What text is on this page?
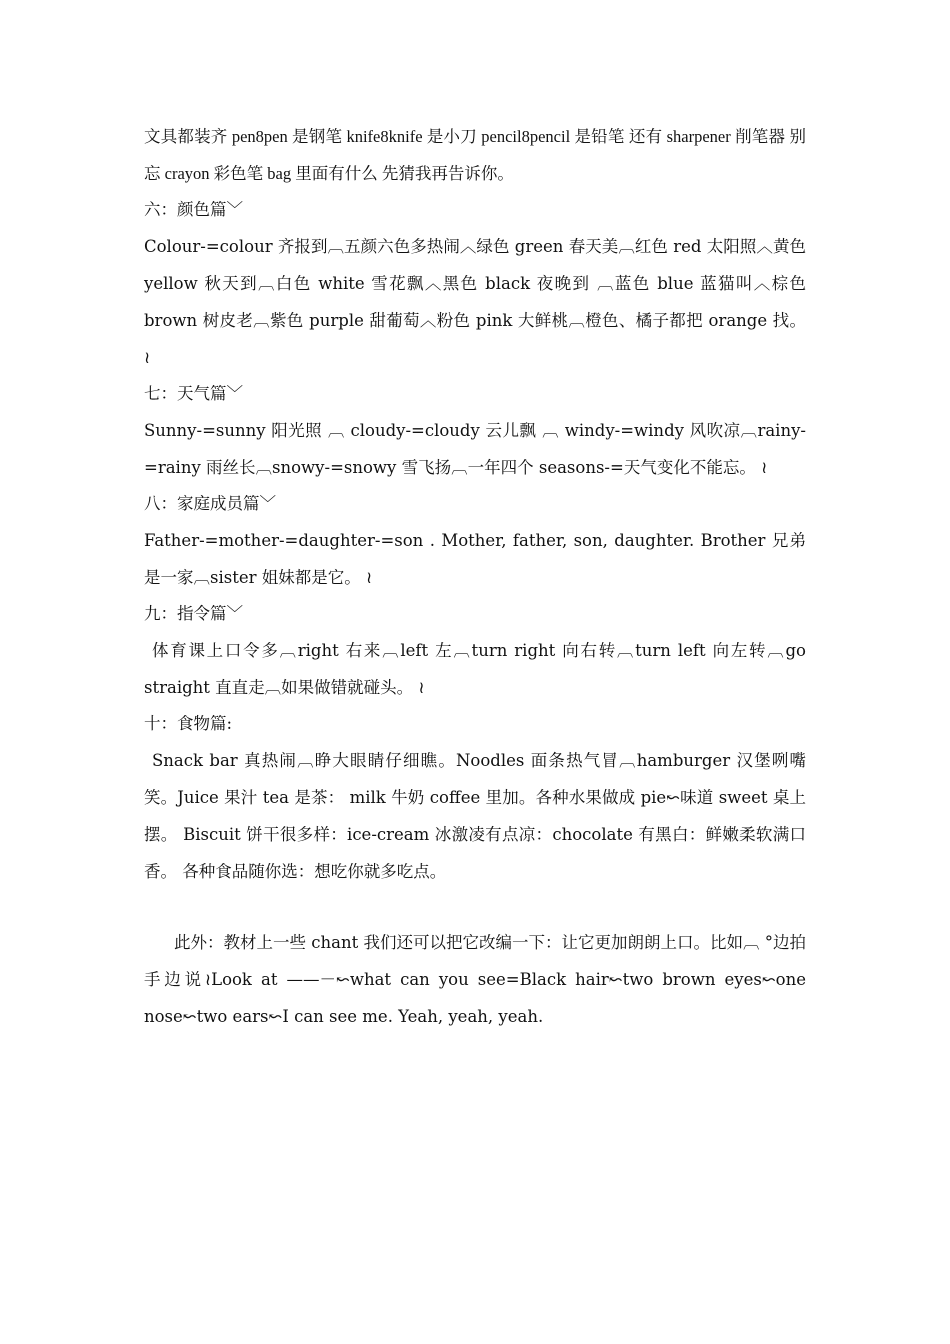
文具都装齐 pen8pen 是钢笔 knife8knife 是小刀 pencil8pencil 是铅笔 还有 sharpener 削笔器 别忘 crayon 彩色笔 bag 里面有什么 先猜我再告诉你。

六：颜色篇﹀

Colour-=colour 齐报到︹五颜六色多热闹︿绿色 green 春天美︹红色 red 太阳照︿黄色 yellow 秋天到︹白色 white 雪花飘︿黑色 black 夜晚到 ︹蓝色 blue 蓝猫叫︿棕色 brown 树皮老︹紫色 purple 甜葡萄︿粉色 pink 大鲜桃︹橙色、橘子都把 orange 找。 ≀

七：天气篇﹀

Sunny-=sunny 阳光照 ︹ cloudy-=cloudy 云儿飘 ︹ windy-=windy 风吹凉︹rainy-=rainy 雨丝长︹snowy-=snowy 雪飞扬︹一年四个 seasons-=天气变化不能忘。 ≀

八：家庭成员篇﹀

Father-=mother-=daughter-=son . Mother, father, son, daughter. Brother 兄弟是一家︹sister 姐妹都是它。 ≀

九：指令篇﹀

体育课上口令多︹right 右来︹left 左︹turn right 向右转︹turn left 向左转︹go straight 直直走︹如果做错就碰头。 ≀

十：食物篇:

Snack bar 真热闹︹睁大眼睛仔细瞧。Noodles 面条热气冒︹hamburger 汉堡咧嘴笑。Juice 果汁 tea 是茶： milk 牛奶 coffee 里加。各种水果做成 pie↜味道 sweet 桌上摆。 Biscuit 饼干很多样：ice-cream 冰激凌有点凉：chocolate 有黑白：鲜嫩柔软满口香。 各种食品随你选：想吃你就多吃点。

此外：教材上一些 chant 我们还可以把它改编一下：让它更加朗朗上口。比如︹ °边拍手边说≀Look at ——－↜what can you see=Black hair↜two brown eyes↜one nose↜two ears↜I can see me. Yeah, yeah, yeah.
